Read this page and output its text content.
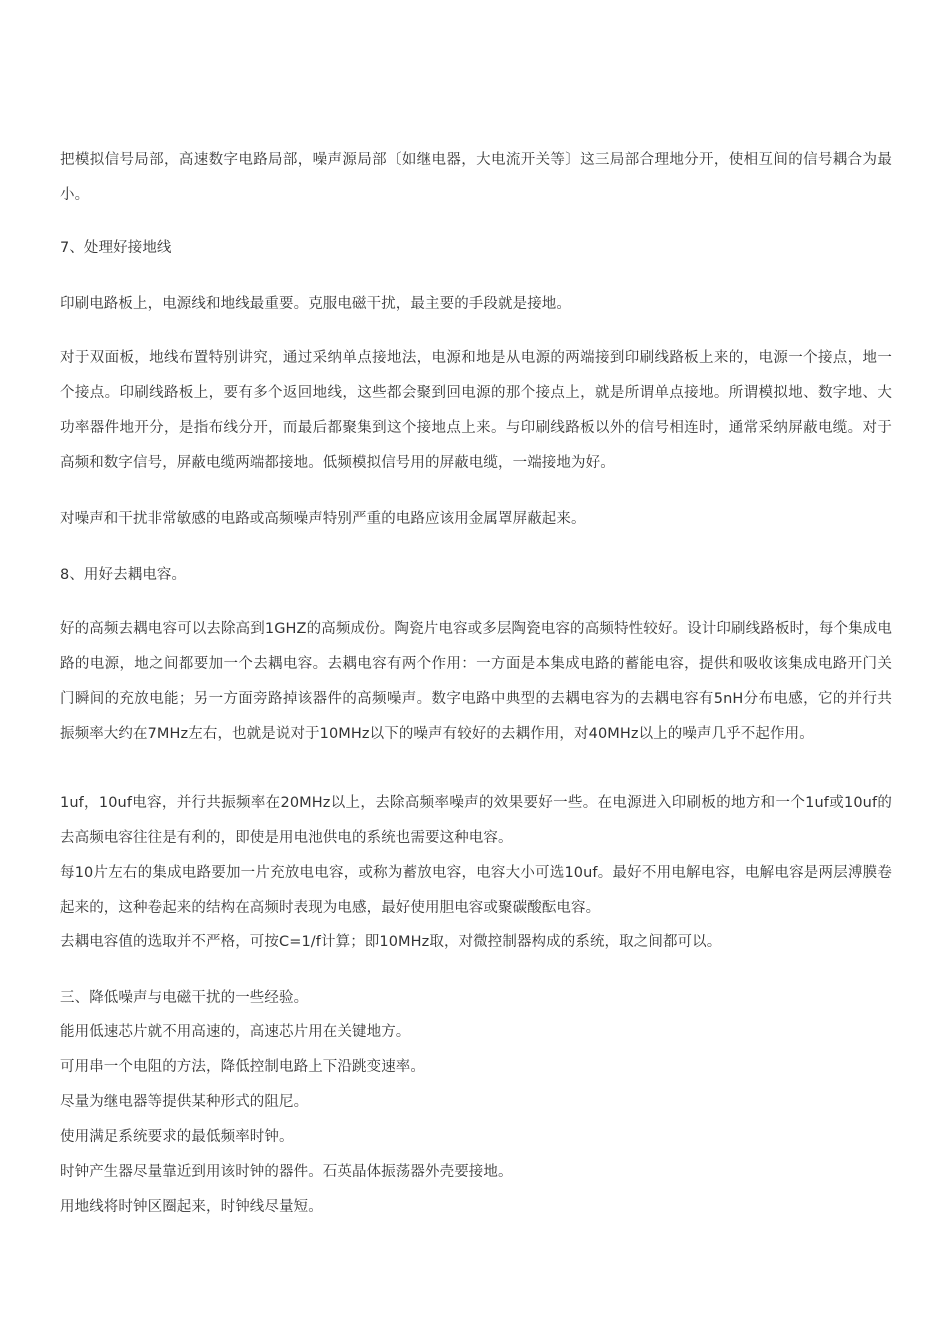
把模拟信号局部，高速数字电路局部，噪声源局部〔如继电器，大电流开关等〕这三局部合理地分开，使相互间的信号耦合为最小。

7、处理好接地线

印刷电路板上，电源线和地线最重要。克服电磁干扰，最主要的手段就是接地。

对于双面板，地线布置特别讲究，通过采纳单点接地法，电源和地是从电源的两端接到印刷线路板上来的，电源一个接点，地一个接点。印刷线路板上，要有多个返回地线，这些都会聚到回电源的那个接点上，就是所谓单点接地。所谓模拟地、数字地、大功率器件地开分，是指布线分开，而最后都聚集到这个接地点上来。与印刷线路板以外的信号相连时，通常采纳屏蔽电缆。对于高频和数字信号，屏蔽电缆两端都接地。低频模拟信号用的屏蔽电缆，一端接地为好。

对噪声和干扰非常敏感的电路或高频噪声特别严重的电路应该用金属罩屏蔽起来。

8、用好去耦电容。

好的高频去耦电容可以去除高到1GHZ的高频成份。陶瓷片电容或多层陶瓷电容的高频特性较好。设计印刷线路板时，每个集成电路的电源，地之间都要加一个去耦电容。去耦电容有两个作用：一方面是本集成电路的蓄能电容，提供和吸收该集成电路开门关门瞬间的充放电能；另一方面旁路掉该器件的高频噪声。数字电路中典型的去耦电容为的去耦电容有5nH分布电感，它的并行共振频率大约在7MHz左右，也就是说对于10MHz以下的噪声有较好的去耦作用，对40MHz以上的噪声几乎不起作用。

1uf，10uf电容，并行共振频率在20MHz以上，去除高频率噪声的效果要好一些。在电源进入印刷板的地方和一个1uf或10uf的去高频电容往往是有利的，即使是用电池供电的系统也需要这种电容。

每10片左右的集成电路要加一片充放电电容，或称为蓄放电容，电容大小可选10uf。最好不用电解电容，电解电容是两层溥膜卷起来的，这种卷起来的结构在高频时表现为电感，最好使用胆电容或聚碳酸酝电容。

去耦电容值的选取并不严格，可按C=1/f计算；即10MHz取，对微控制器构成的系统，取之间都可以。

三、降低噪声与电磁干扰的一些经验。

能用低速芯片就不用高速的，高速芯片用在关键地方。

可用串一个电阻的方法，降低控制电路上下沿跳变速率。

尽量为继电器等提供某种形式的阻尼。

使用满足系统要求的最低频率时钟。

时钟产生器尽量靠近到用该时钟的器件。石英晶体振荡器外壳要接地。

用地线将时钟区圈起来，时钟线尽量短。
